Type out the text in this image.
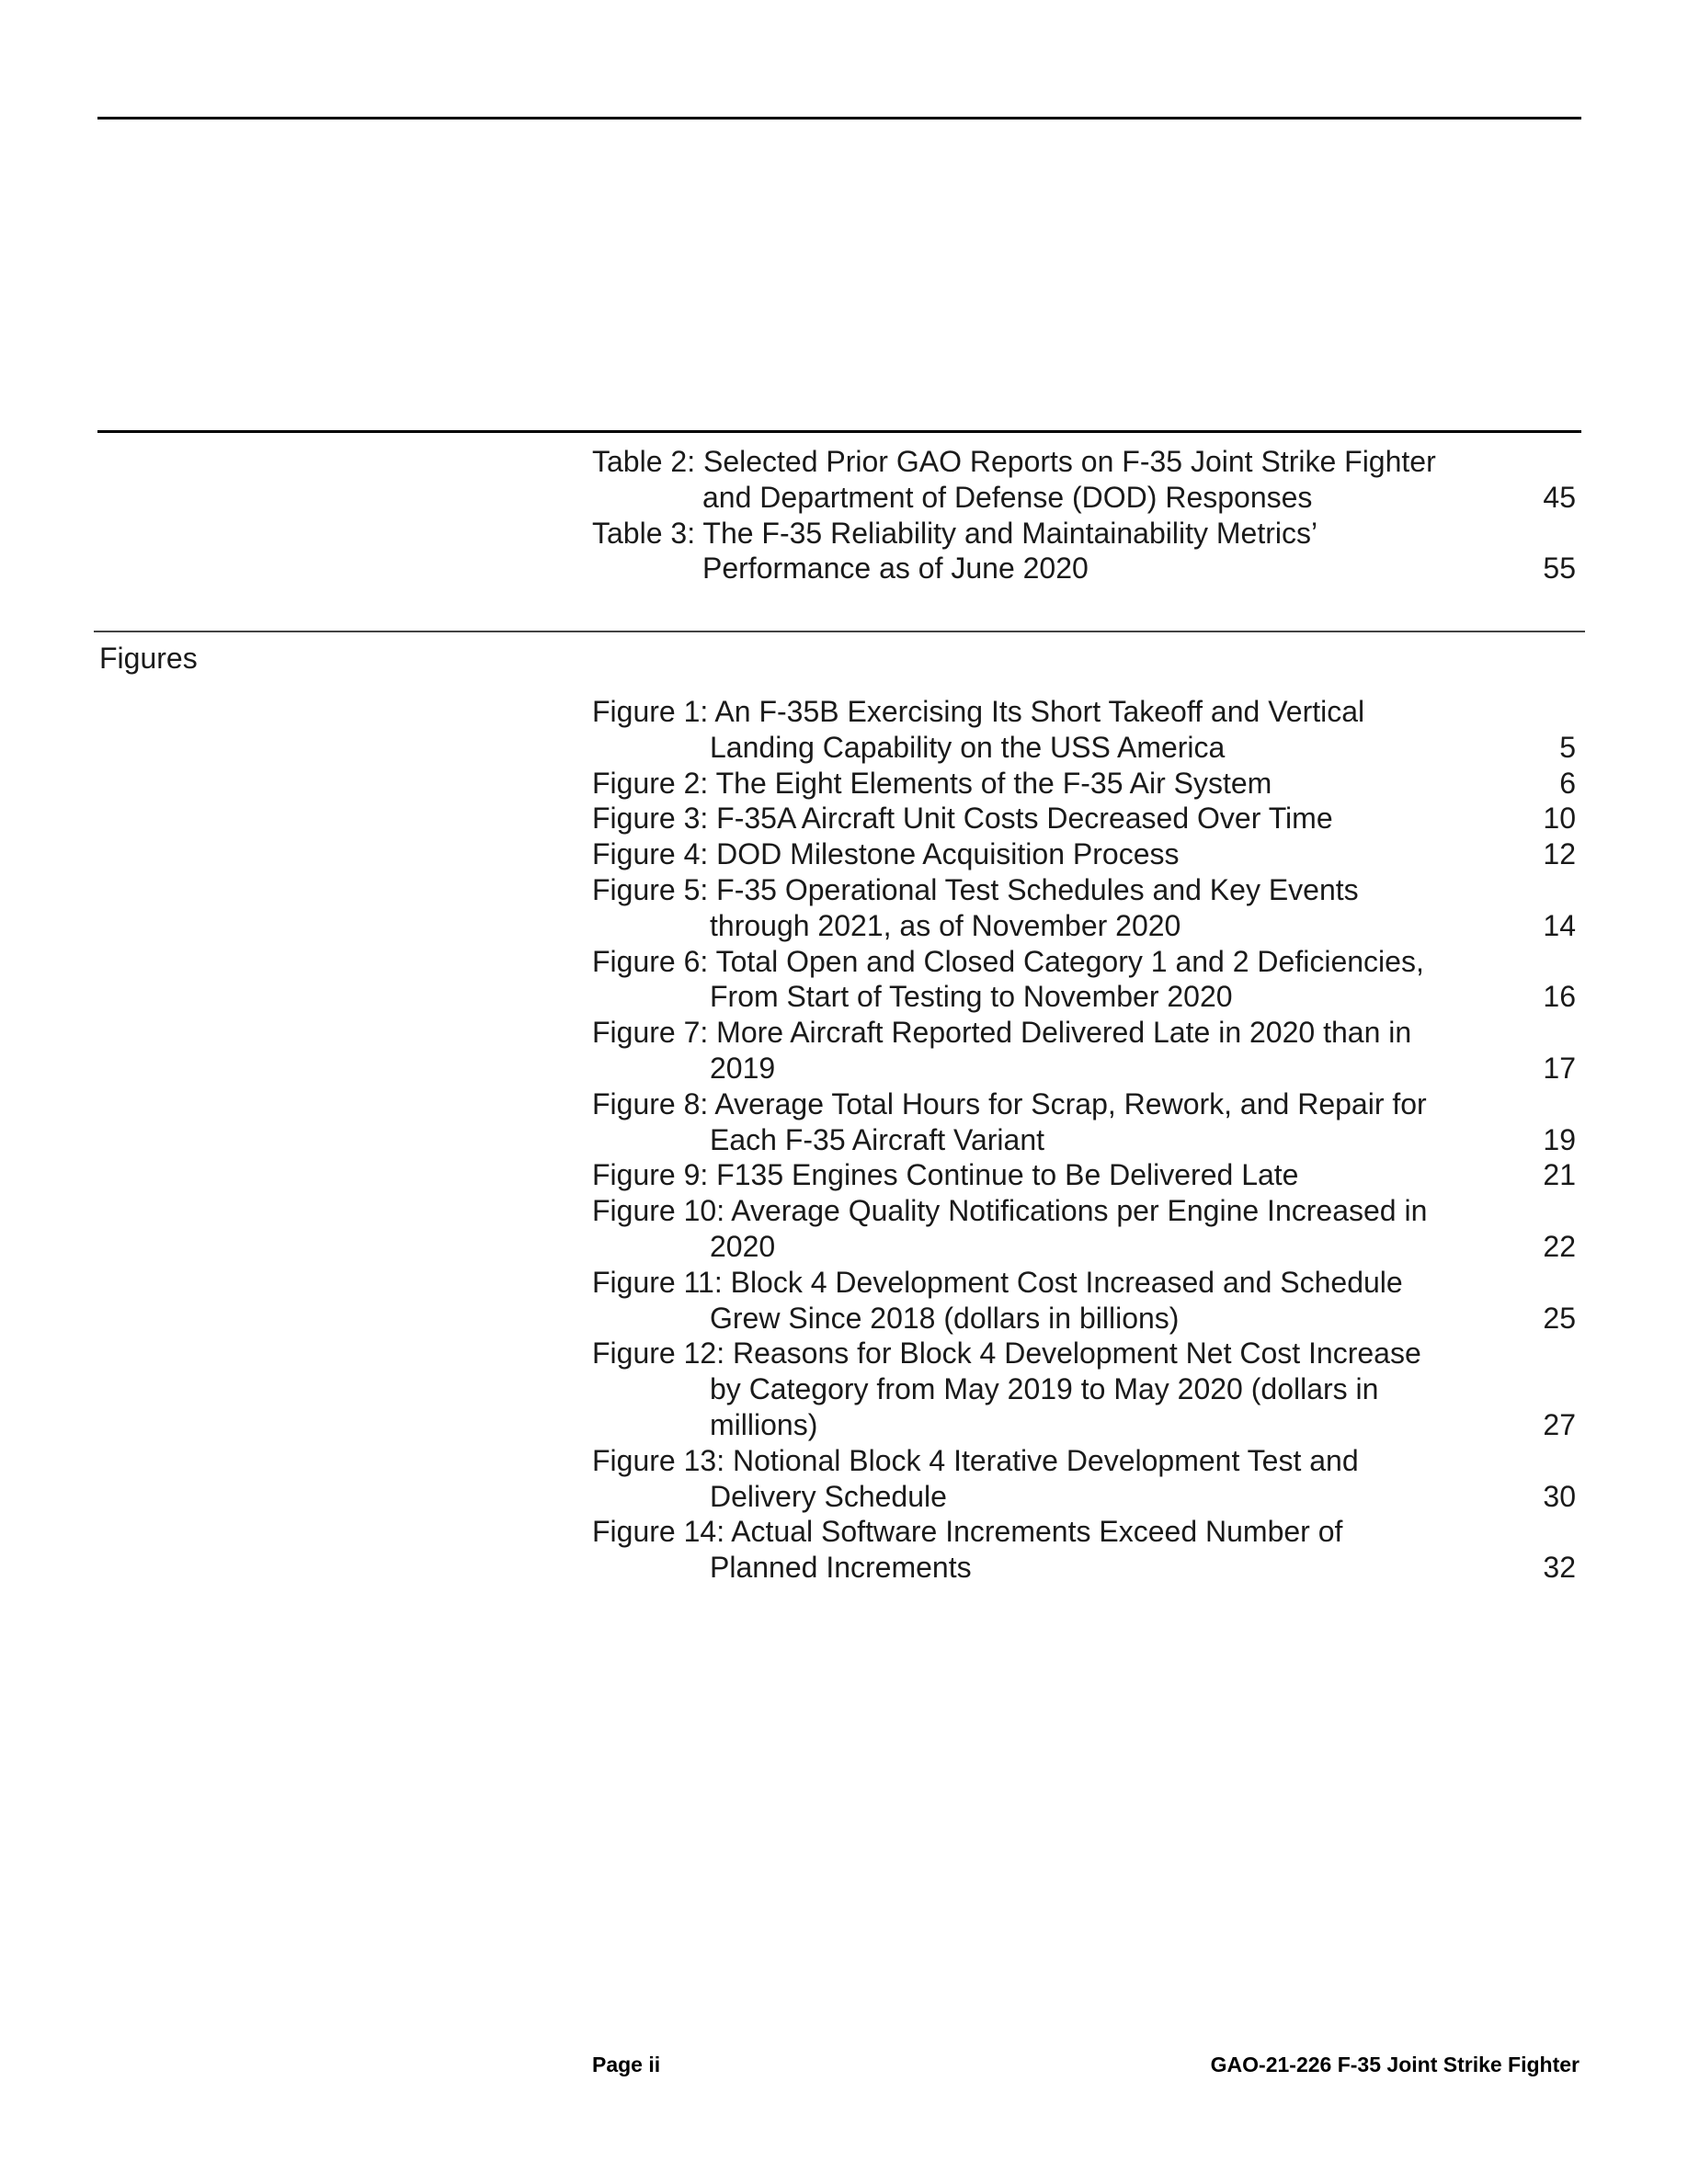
Table 2: Selected Prior GAO Reports on F-35 Joint Strike Fighter
and Department of Defense (DOD) Responses	45
Table 3: The F-35 Reliability and Maintainability Metrics’
Performance as of June 2020	55
Figures
Figure 1: An F-35B Exercising Its Short Takeoff and Vertical
Landing Capability on the USS America	5
Figure 2: The Eight Elements of the F-35 Air System	6
Figure 3: F-35A Aircraft Unit Costs Decreased Over Time	10
Figure 4: DOD Milestone Acquisition Process	12
Figure 5: F-35 Operational Test Schedules and Key Events
through 2021, as of November 2020	14
Figure 6: Total Open and Closed Category 1 and 2 Deficiencies,
From Start of Testing to November 2020	16
Figure 7: More Aircraft Reported Delivered Late in 2020 than in
2019	17
Figure 8: Average Total Hours for Scrap, Rework, and Repair for
Each F-35 Aircraft Variant	19
Figure 9: F135 Engines Continue to Be Delivered Late	21
Figure 10: Average Quality Notifications per Engine Increased in
2020	22
Figure 11: Block 4 Development Cost Increased and Schedule
Grew Since 2018 (dollars in billions)	25
Figure 12: Reasons for Block 4 Development Net Cost Increase
by Category from May 2019 to May 2020 (dollars in
millions)	27
Figure 13: Notional Block 4 Iterative Development Test and
Delivery Schedule	30
Figure 14: Actual Software Increments Exceed Number of
Planned Increments	32
Page ii	GAO-21-226 F-35 Joint Strike Fighter
